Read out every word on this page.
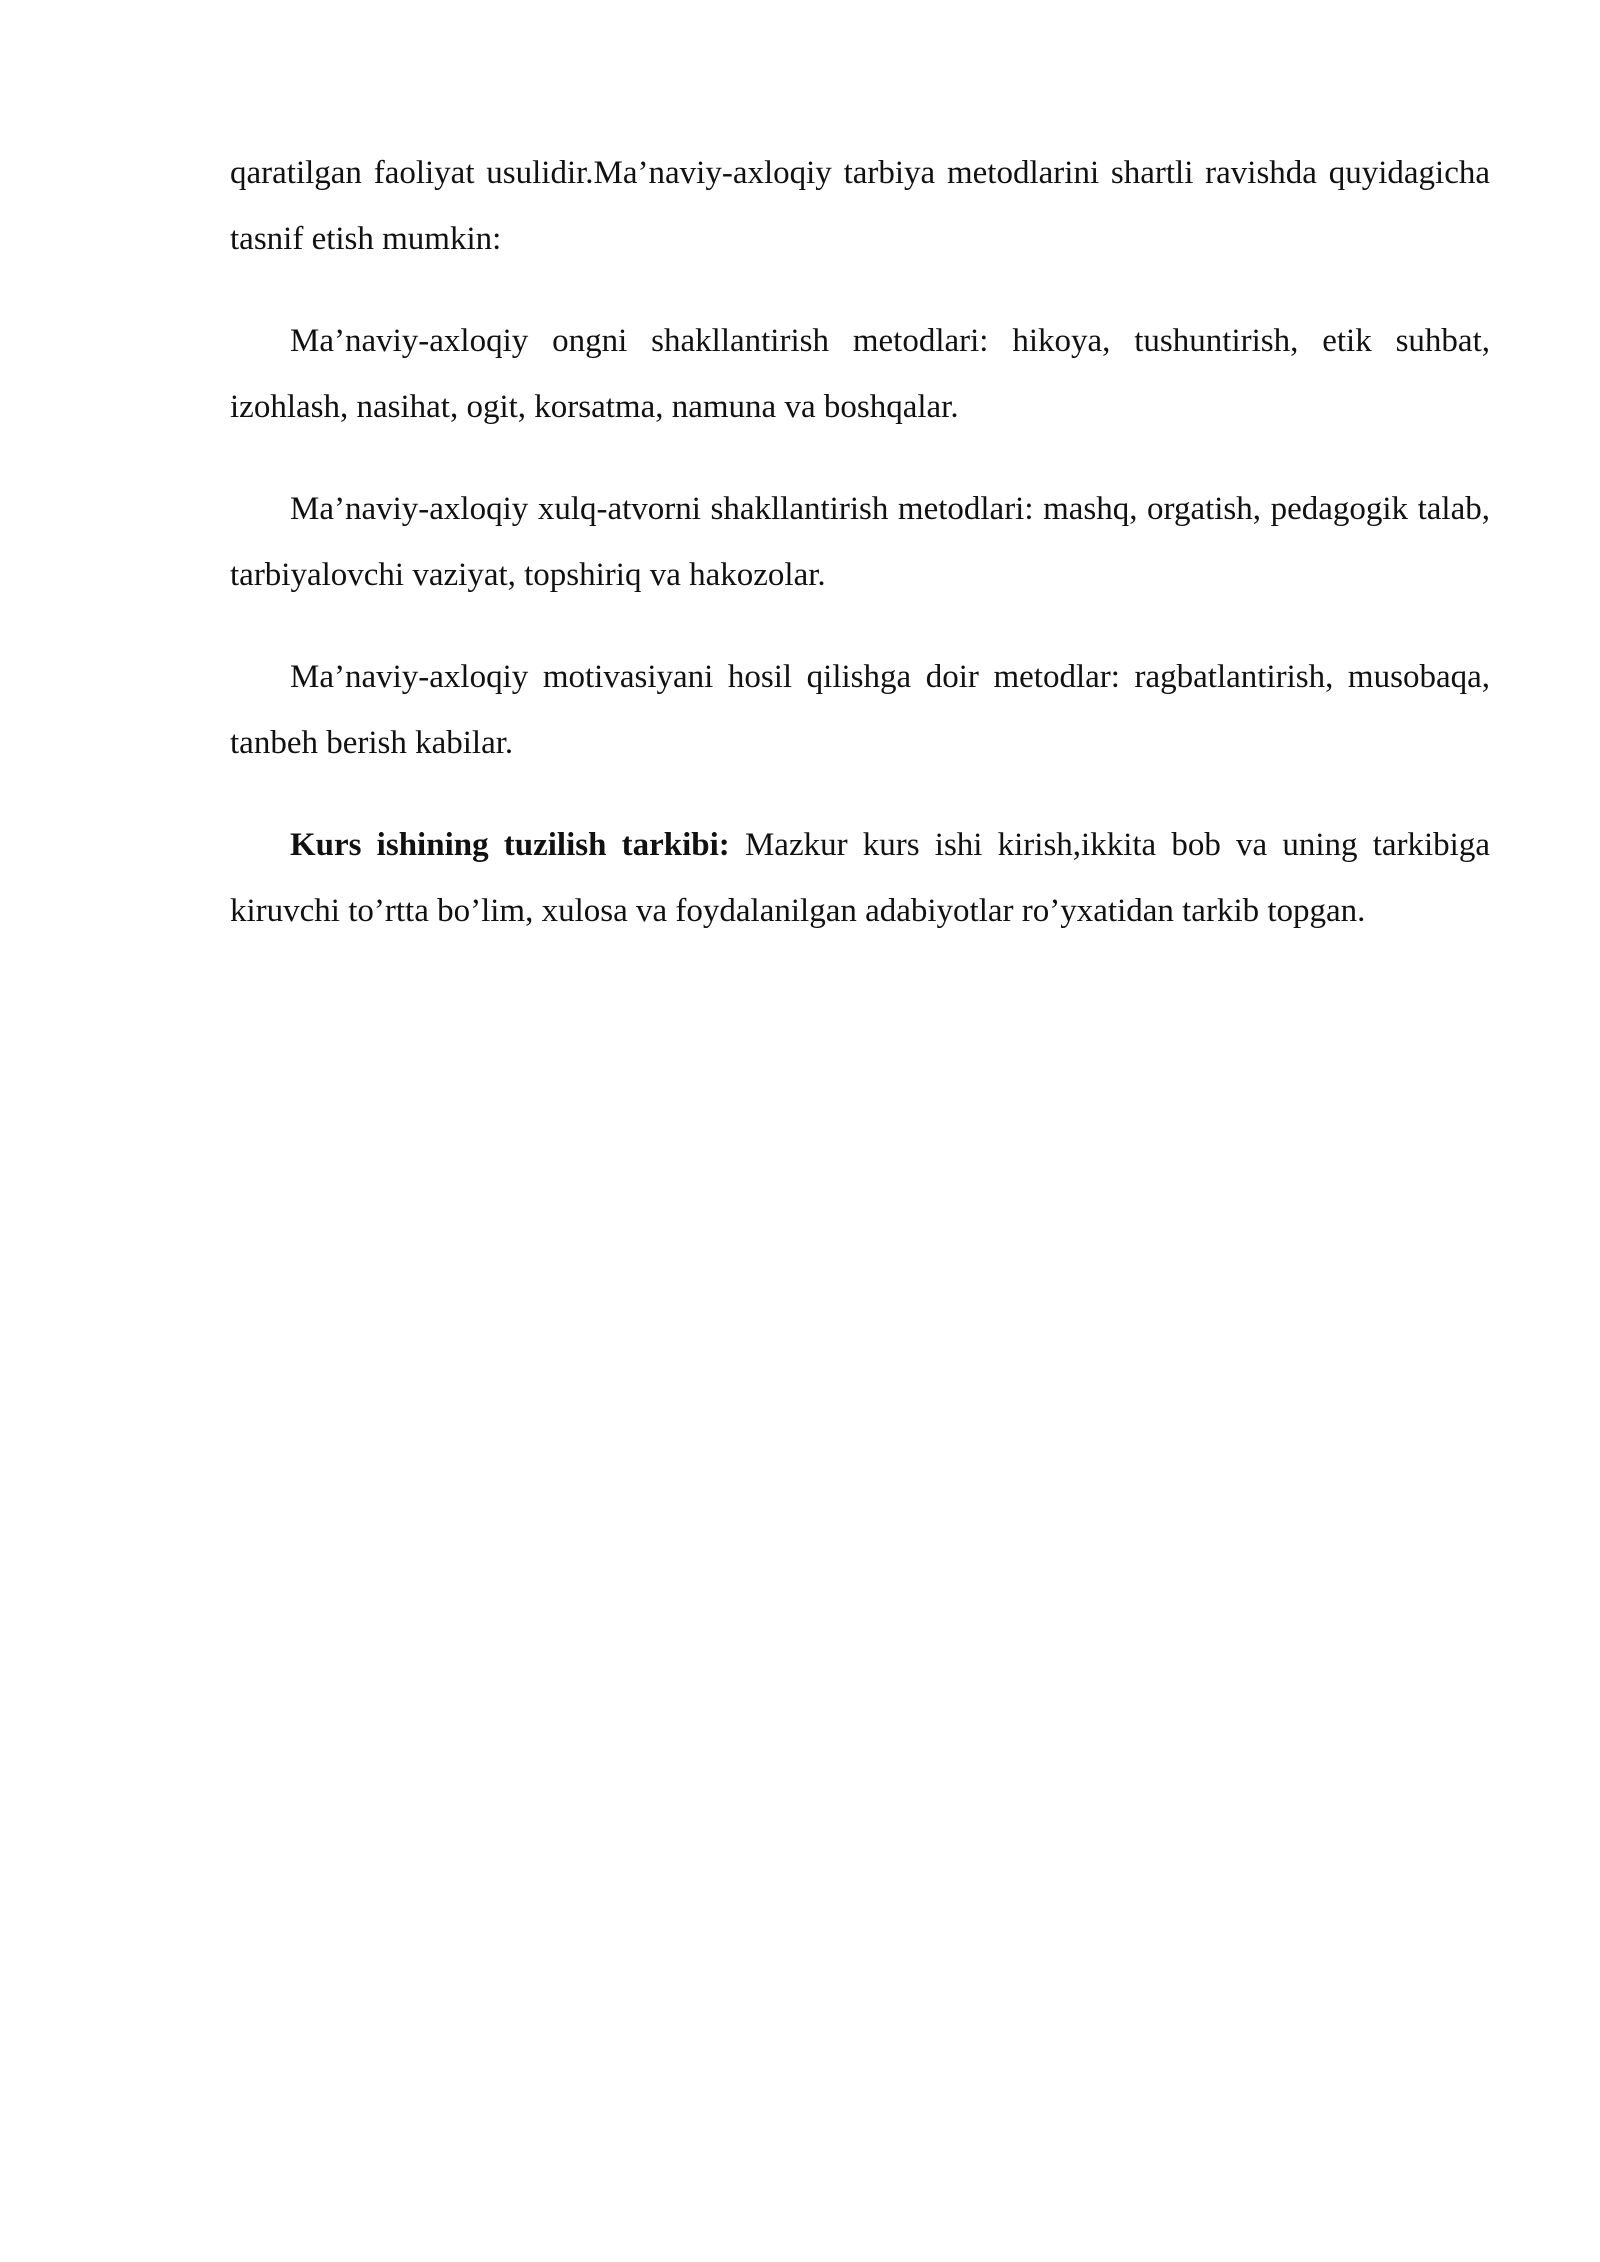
qaratilgan faoliyat usulidir.Ma’naviy-axloqiy tarbiya metodlarini shartli ravishda quyidagicha tasnif etish mumkin:

Ma’naviy-axloqiy ongni shakllantirish metodlari: hikoya, tushuntirish, etik suhbat, izohlash, nasihat, ogit, korsatma, namuna va boshqalar.

Ma’naviy-axloqiy xulq-atvorni shakllantirish metodlari: mashq, orgatish, pedagogik talab, tarbiyalovchi vaziyat, topshiriq va hakozolar.

Ma’naviy-axloqiy motivasiyani hosil qilishga doir metodlar: ragbatlantirish, musobaqa, tanbeh berish kabilar.

Kurs ishining tuzilish tarkibi: Mazkur kurs ishi kirish,ikkita bob va uning tarkibiga kiruvchi to’rtta bo’lim, xulosa va foydalanilgan adabiyotlar ro’yxatidan tarkib topgan.
